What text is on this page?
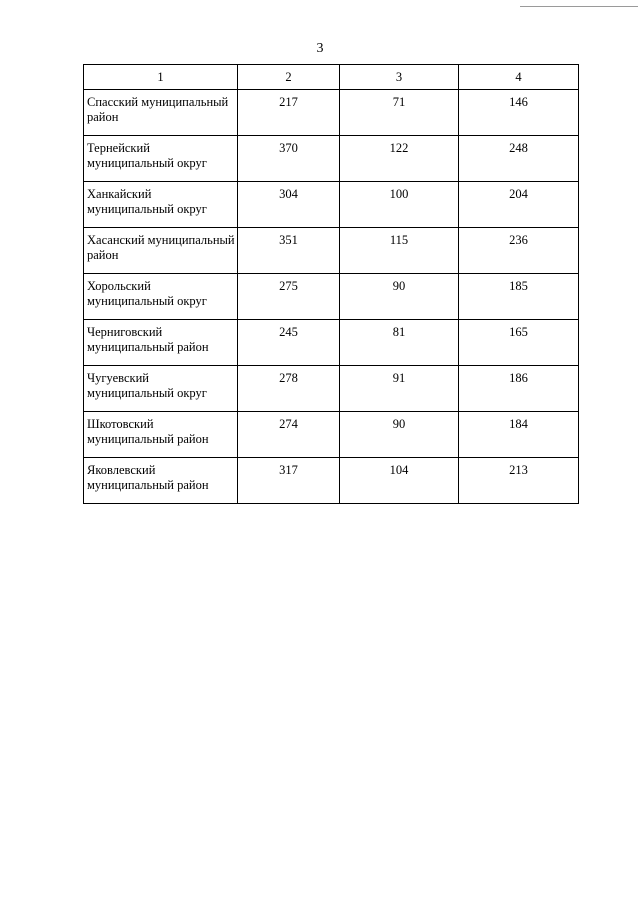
3
1	2	3	4
Спасский муниципальный район	217	71	146
Тернейский муниципальный округ	370	122	248
Ханкайский муниципальный округ	304	100	204
Хасанский муниципальный район	351	115	236
Хорольский муниципальный округ	275	90	185
Черниговский муниципальный район	245	81	165
Чугуевский муниципальный округ	278	91	186
Шкотовский муниципальный район	274	90	184
Яковлевский муниципальный район	317	104	213
